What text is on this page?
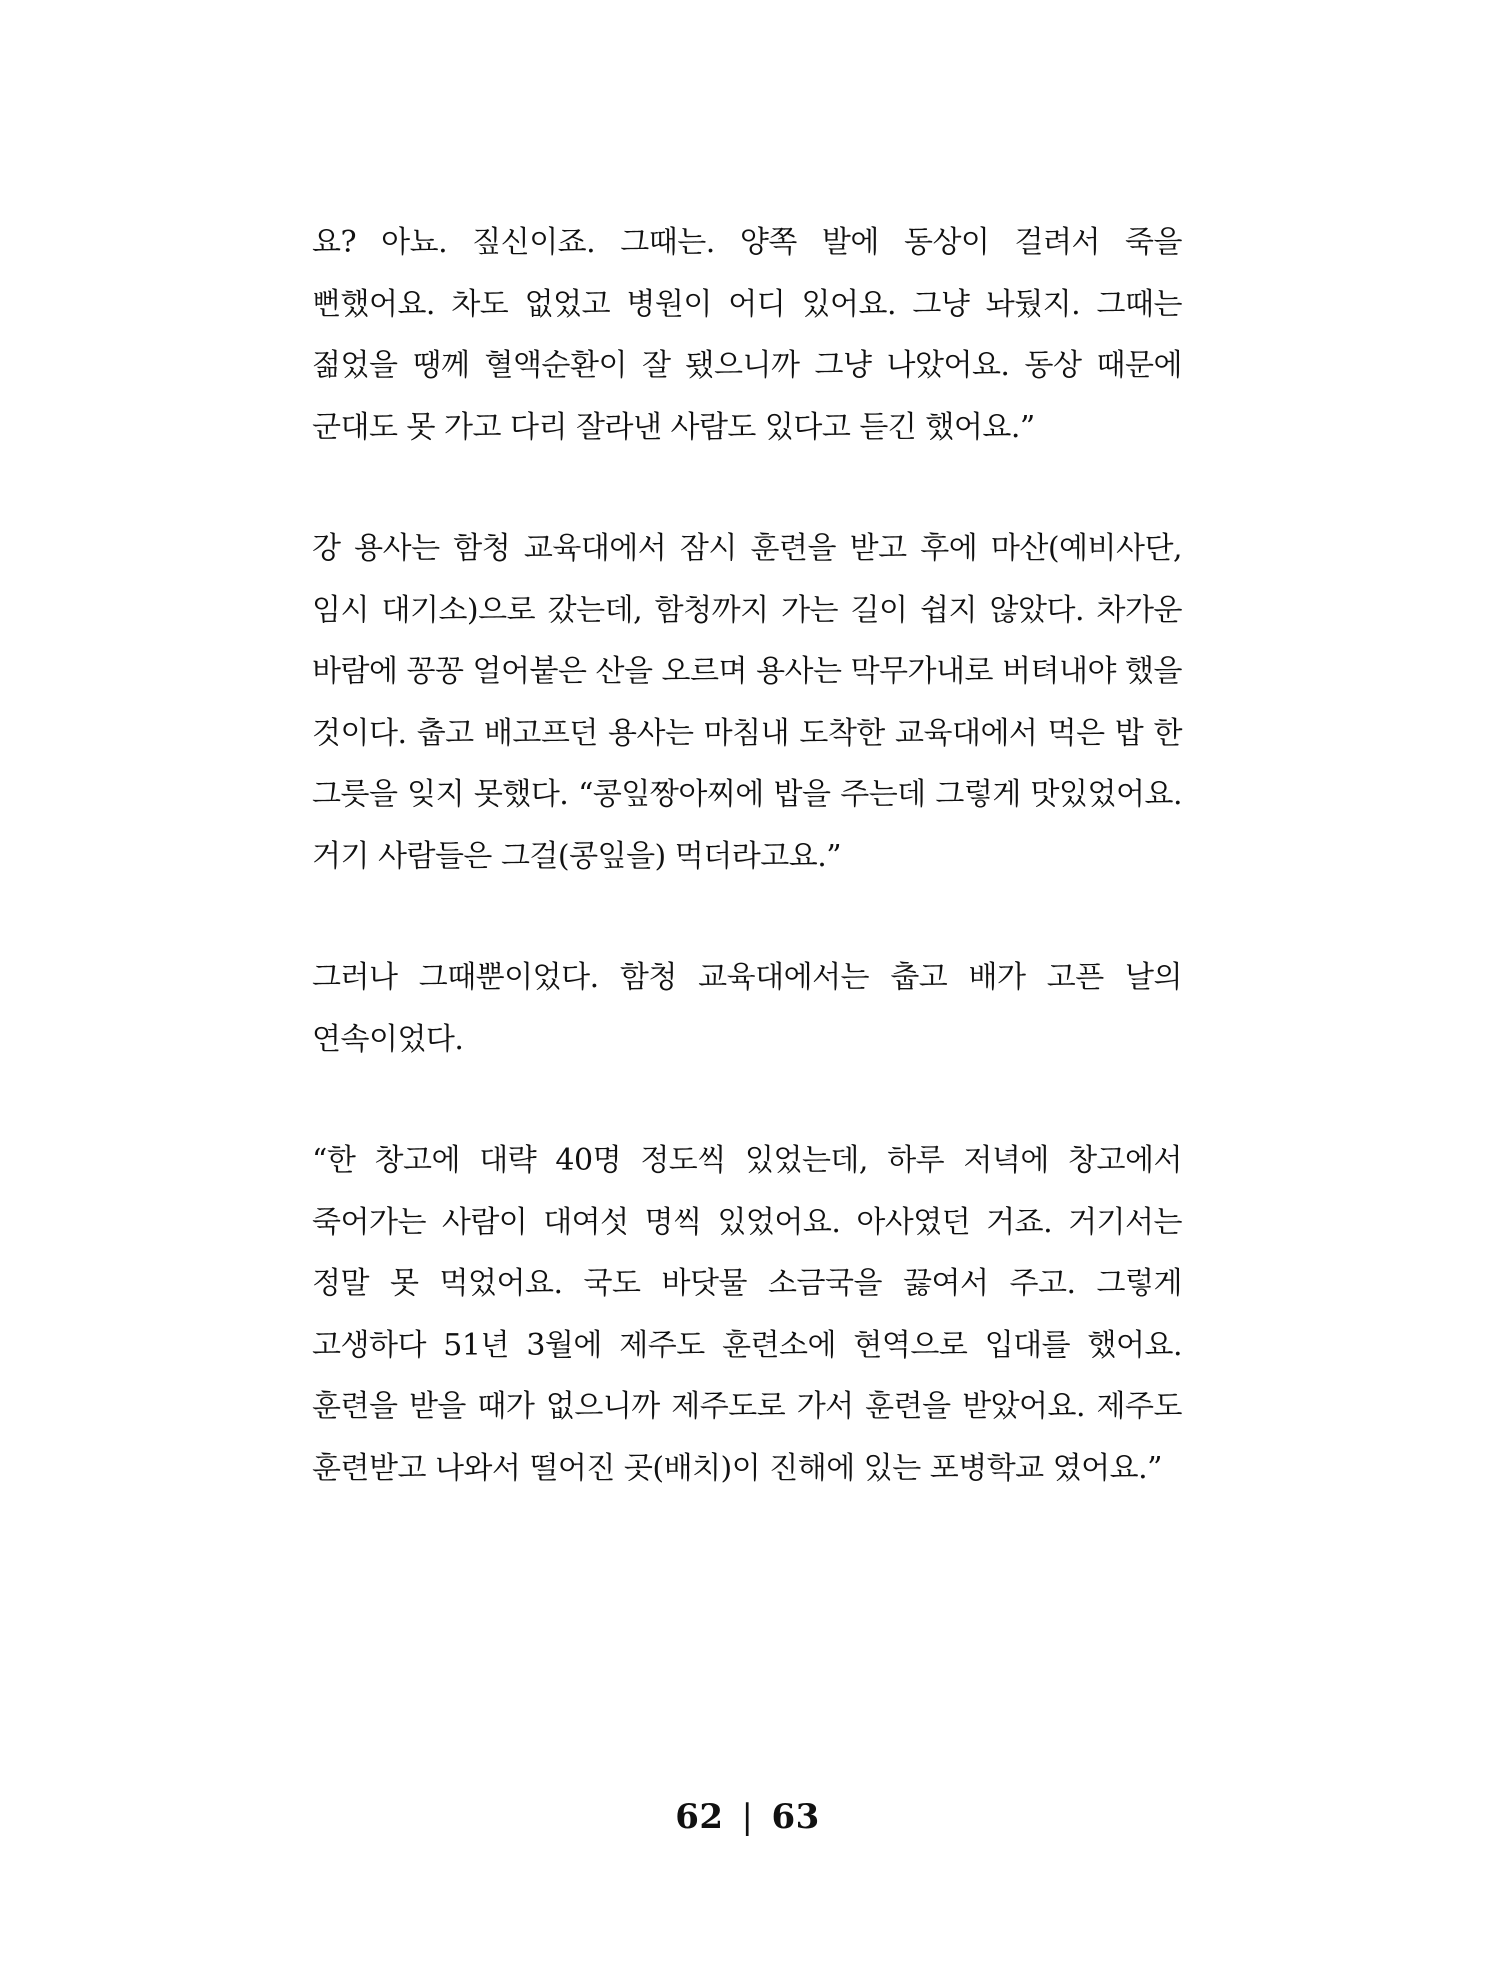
요? 아뇨. 짚신이죠. 그때는. 양쪽 발에 동상이 걸려서 죽을 뻔했어요. 차도 없었고 병원이 어디 있어요. 그냥 놔뒀지. 그때는 젊었을 땡께 혈액순환이 잘 됐으니까 그냥 나았어요. 동상 때문에 군대도 못 가고 다리 잘라낸 사람도 있다고 듣긴 했어요.”

강 용사는 함청 교육대에서 잠시 훈련을 받고 후에 마산(예비사단, 임시 대기소)으로 갔는데, 함청까지 가는 길이 쉽지 않았다. 차가운 바람에 꽁꽁 얼어붙은 산을 오르며 용사는 막무가내로 버텨내야 했을 것이다. 춥고 배고프던 용사는 마침내 도착한 교육대에서 먹은 밥 한 그릇을 잊지 못했다. “콩잎짱아찌에 밥을 주는데 그렇게 맛있었어요. 거기 사람들은 그걸(콩잎을) 먹더라고요.”

그러나 그때뿐이었다. 함청 교육대에서는 춥고 배가 고픈 날의 연속이었다.

“한 창고에 대략 40명 정도씩 있었는데, 하루 저녁에 창고에서 죽어가는 사람이 대여섯 명씩 있었어요. 아사였던 거죠. 거기서는 정말 못 먹었어요. 국도 바닷물 소금국을 끓여서 주고. 그렇게 고생하다 51년 3월에 제주도 훈련소에 현역으로 입대를 했어요. 훈련을 받을 때가 없으니까 제주도로 가서 훈련을 받았어요. 제주도 훈련받고 나와서 떨어진 곳(배치)이 진해에 있는 포병학교 였어요.”

62 | 63
